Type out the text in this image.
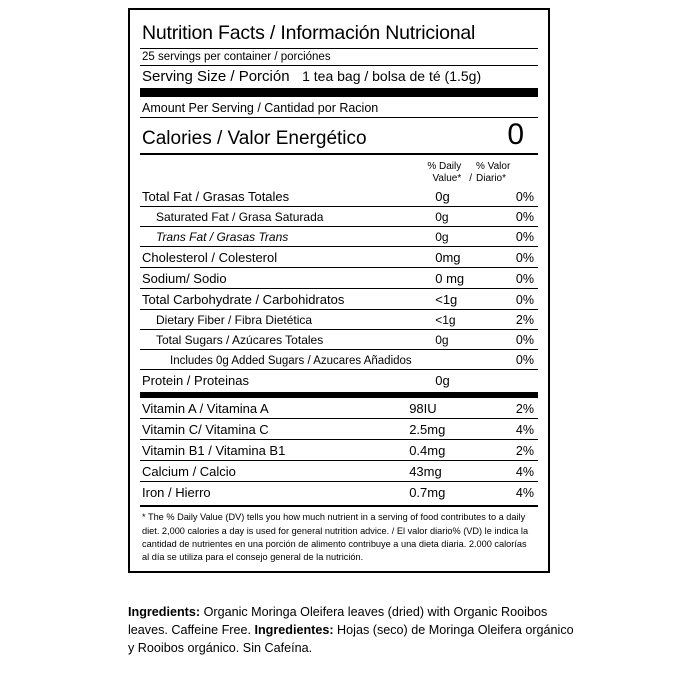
Nutrition Facts / Información Nutricional
25 servings per container / porciónes
Serving Size / Porción 1 tea bag / bolsa de té (1.5g)
Amount Per Serving / Cantidad por Racion
Calories / Valor Energético	0
% Daily
Value* /
% Valor
Diario*
Total Fat / Grasas Totales	0g	0%
Saturated Fat / Grasa Saturada	0g	0%
Trans Fat / Grasas Trans	0g	0%
Cholesterol / Colesterol	0mg	0%
Sodium/ Sodio	0 mg	0%
Total Carbohydrate / Carbohidratos	<1g	0%
Dietary Fiber / Fibra Dietética	<1g	2%
Total Sugars / Azúcares Totales	0g	0%
Includes 0g Added Sugars / Azucares Añadidos		0%
Protein / Proteinas	0g	
Vitamin A / Vitamina A	98IU	2%
Vitamin C/ Vitamina C	2.5mg	4%
Vitamin B1 / Vitamina B1	0.4mg	2%
Calcium / Calcio	43mg	4%
Iron / Hierro	0.7mg	4%
* The % Daily Value (DV) tells you how much nutrient in a serving of food contributes to a daily diet. 2,000 calories a day is used for general nutrition advice. / El valor diario% (VD) le indica la cantidad de nutrientes en una porción de alimento contribuye a una dieta diaria. 2.000 calorías al día se utiliza para el consejo general de la nutrición.
Ingredients: Organic Moringa Oleifera leaves (dried) with Organic Rooibos leaves. Caffeine Free. Ingredientes: Hojas (seco) de Moringa Oleifera orgánico y Rooibos orgánico. Sin Cafeína.
